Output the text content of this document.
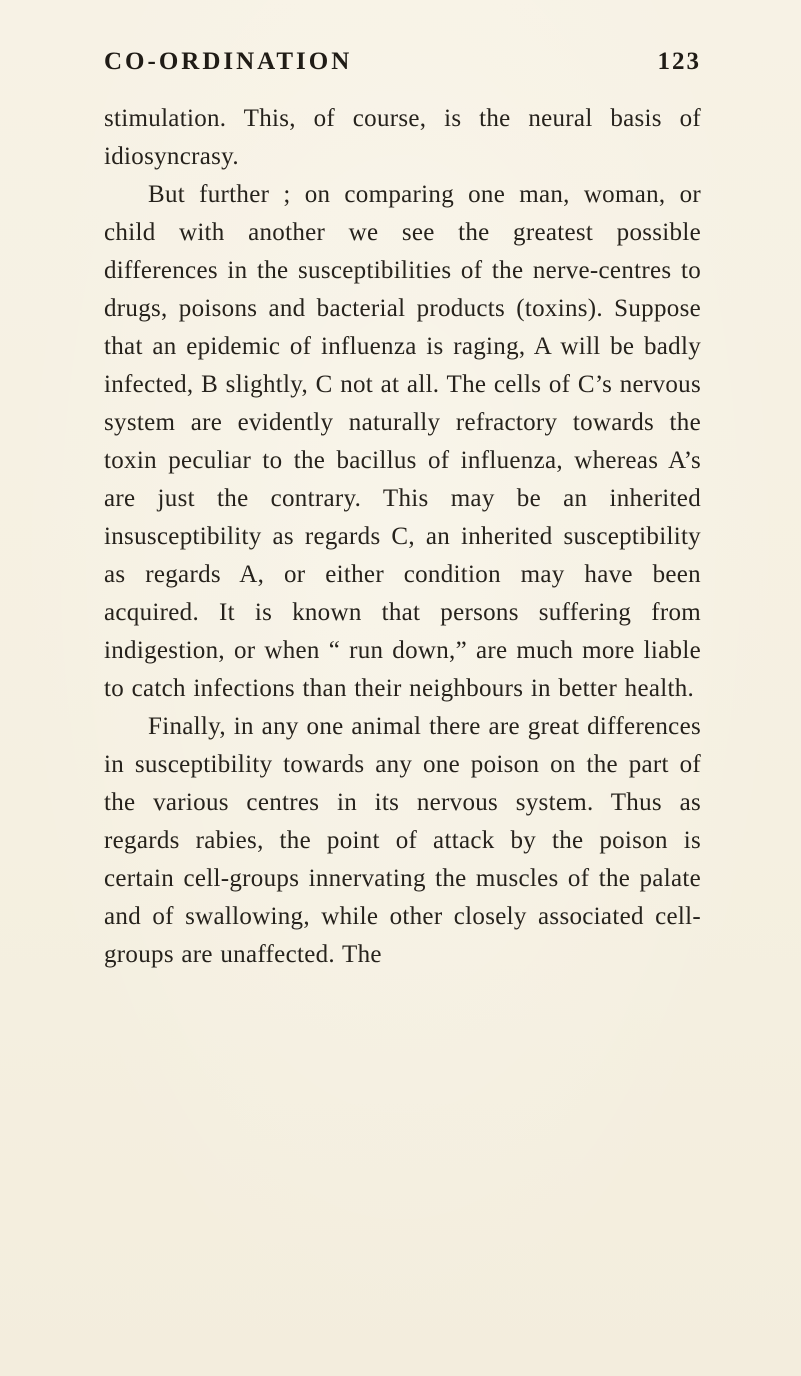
CO-ORDINATION	123

stimulation. This, of course, is the neural basis of idiosyncrasy.

But further ; on comparing one man, woman, or child with another we see the greatest possible differences in the susceptibilities of the nerve-centres to drugs, poisons and bacterial products (toxins). Suppose that an epidemic of influenza is raging, A will be badly infected, B slightly, C not at all. The cells of C’s nervous system are evidently naturally refractory towards the toxin peculiar to the bacillus of influenza, whereas A’s are just the contrary. This may be an inherited insusceptibility as regards C, an inherited susceptibility as regards A, or either condition may have been acquired. It is known that persons suffering from indigestion, or when “ run down,” are much more liable to catch infections than their neighbours in better health.

Finally, in any one animal there are great differences in susceptibility towards any one poison on the part of the various centres in its nervous system. Thus as regards rabies, the point of attack by the poison is certain cell-groups innervating the muscles of the palate and of swallowing, while other closely associated cell-groups are unaffected. The
